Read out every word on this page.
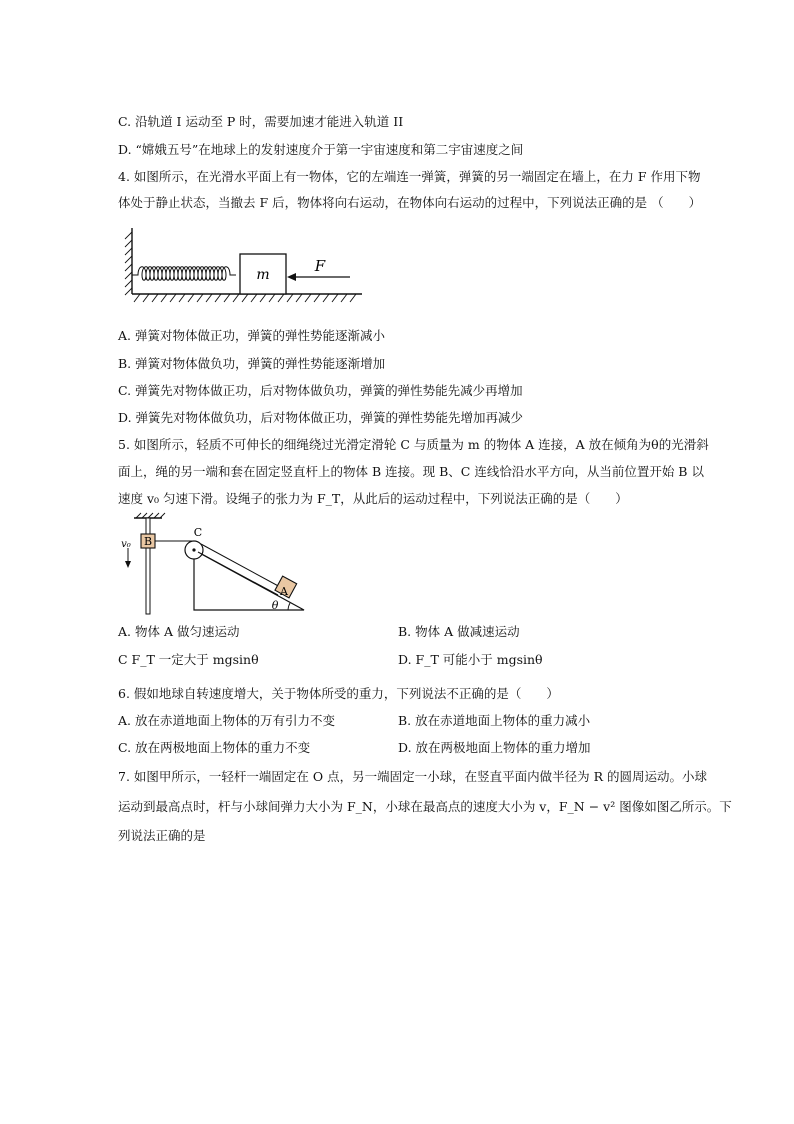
C. 沿轨道 I 运动至 P 时，需要加速才能进入轨道 II
D. “嫦娥五号”在地球上的发射速度介于第一宇宙速度和第二宇宙速度之间
4. 如图所示，在光滑水平面上有一物体，它的左端连一弹簧，弹簧的另一端固定在墙上，在力 F 作用下物
体处于静止状态，当撤去 F 后，物体将向右运动，在物体向右运动的过程中，下列说法正确的是 （　　）
m	F
A. 弹簧对物体做正功，弹簧的弹性势能逐渐减小
B. 弹簧对物体做负功，弹簧的弹性势能逐渐增加
C. 弹簧先对物体做正功，后对物体做负功，弹簧的弹性势能先减少再增加
D. 弹簧先对物体做负功，后对物体做正功，弹簧的弹性势能先增加再减少
5. 如图所示，轻质不可伸长的细绳绕过光滑定滑轮 C 与质量为 m 的物体 A 连接，A 放在倾角为θ的光滑斜
面上，绳的另一端和套在固定竖直杆上的物体 B 连接。现 B、C 连线恰沿水平方向，从当前位置开始 B 以
速度 v₀ 匀速下滑。设绳子的张力为 F_T，从此后的运动过程中，下列说法正确的是（　　）
B
v₀
C
A
θ
A. 物体 A 做匀速运动	B. 物体 A 做减速运动
C F_T 一定大于 mgsinθ	D. F_T 可能小于 mgsinθ
6. 假如地球自转速度增大，关于物体所受的重力，下列说法不正确的是（　　）
A. 放在赤道地面上物体的万有引力不变	B. 放在赤道地面上物体的重力减小
C. 放在两极地面上物体的重力不变	D. 放在两极地面上物体的重力增加
7. 如图甲所示，一轻杆一端固定在 O 点，另一端固定一小球，在竖直平面内做半径为 R 的圆周运动。小球
运动到最高点时，杆与小球间弹力大小为 F_N，小球在最高点的速度大小为 v，F_N − v² 图像如图乙所示。下
列说法正确的是
